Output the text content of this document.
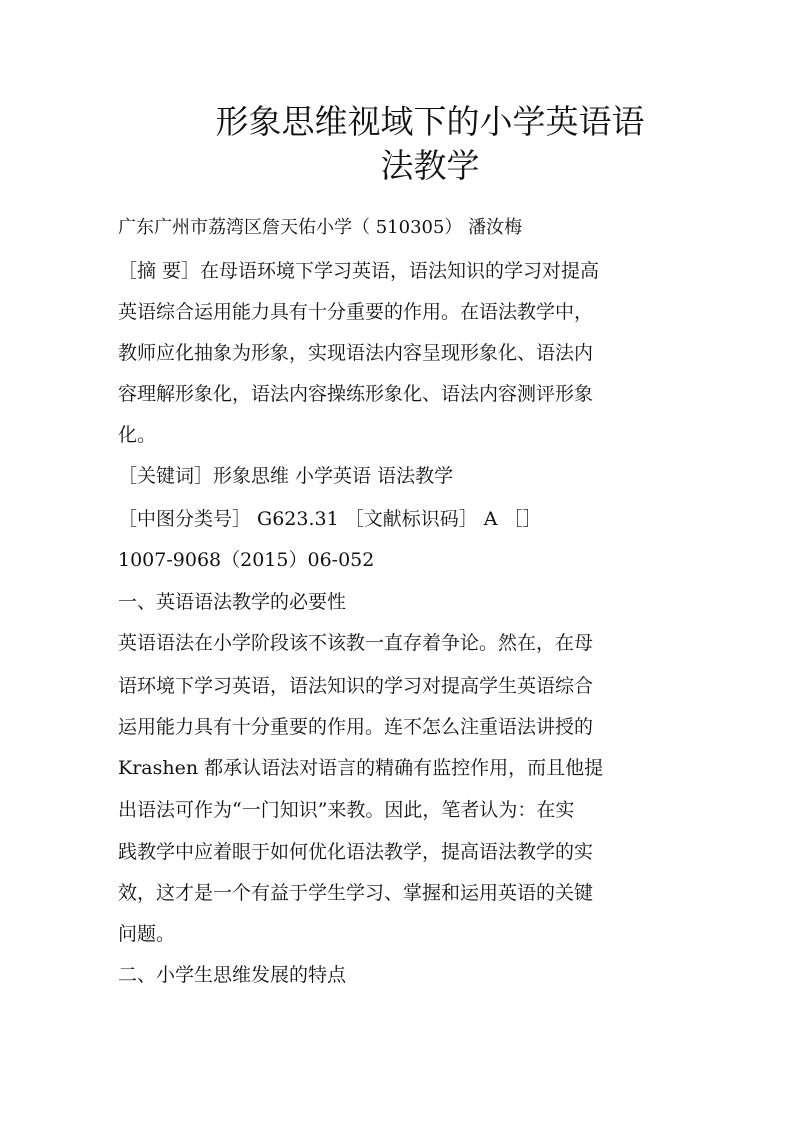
形象思维视域下的小学英语语
法教学
广东广州市荔湾区詹天佑小学（ 510305） 潘汝梅
［摘 要］在母语环境下学习英语，语法知识的学习对提高
英语综合运用能力具有十分重要的作用。在语法教学中，
教师应化抽象为形象，实现语法内容呈现形象化、语法内
容理解形象化，语法内容操练形象化、语法内容测评形象
化。
［关键词］形象思维 小学英语 语法教学
［中图分类号］ G623.31 ［文献标识码］ A ［］
1007-9068（2015）06-052
一、英语语法教学的必要性
英语语法在小学阶段该不该教一直存着争论。然在，在母
语环境下学习英语，语法知识的学习对提高学生英语综合
运用能力具有十分重要的作用。连不怎么注重语法讲授的
Krashen 都承认语法对语言的精确有监控作用，而且他提
出语法可作为“一门知识”来教。因此，笔者认为：在实
践教学中应着眼于如何优化语法教学，提高语法教学的实
效，这才是一个有益于学生学习、掌握和运用英语的关键
问题。
二、小学生思维发展的特点
